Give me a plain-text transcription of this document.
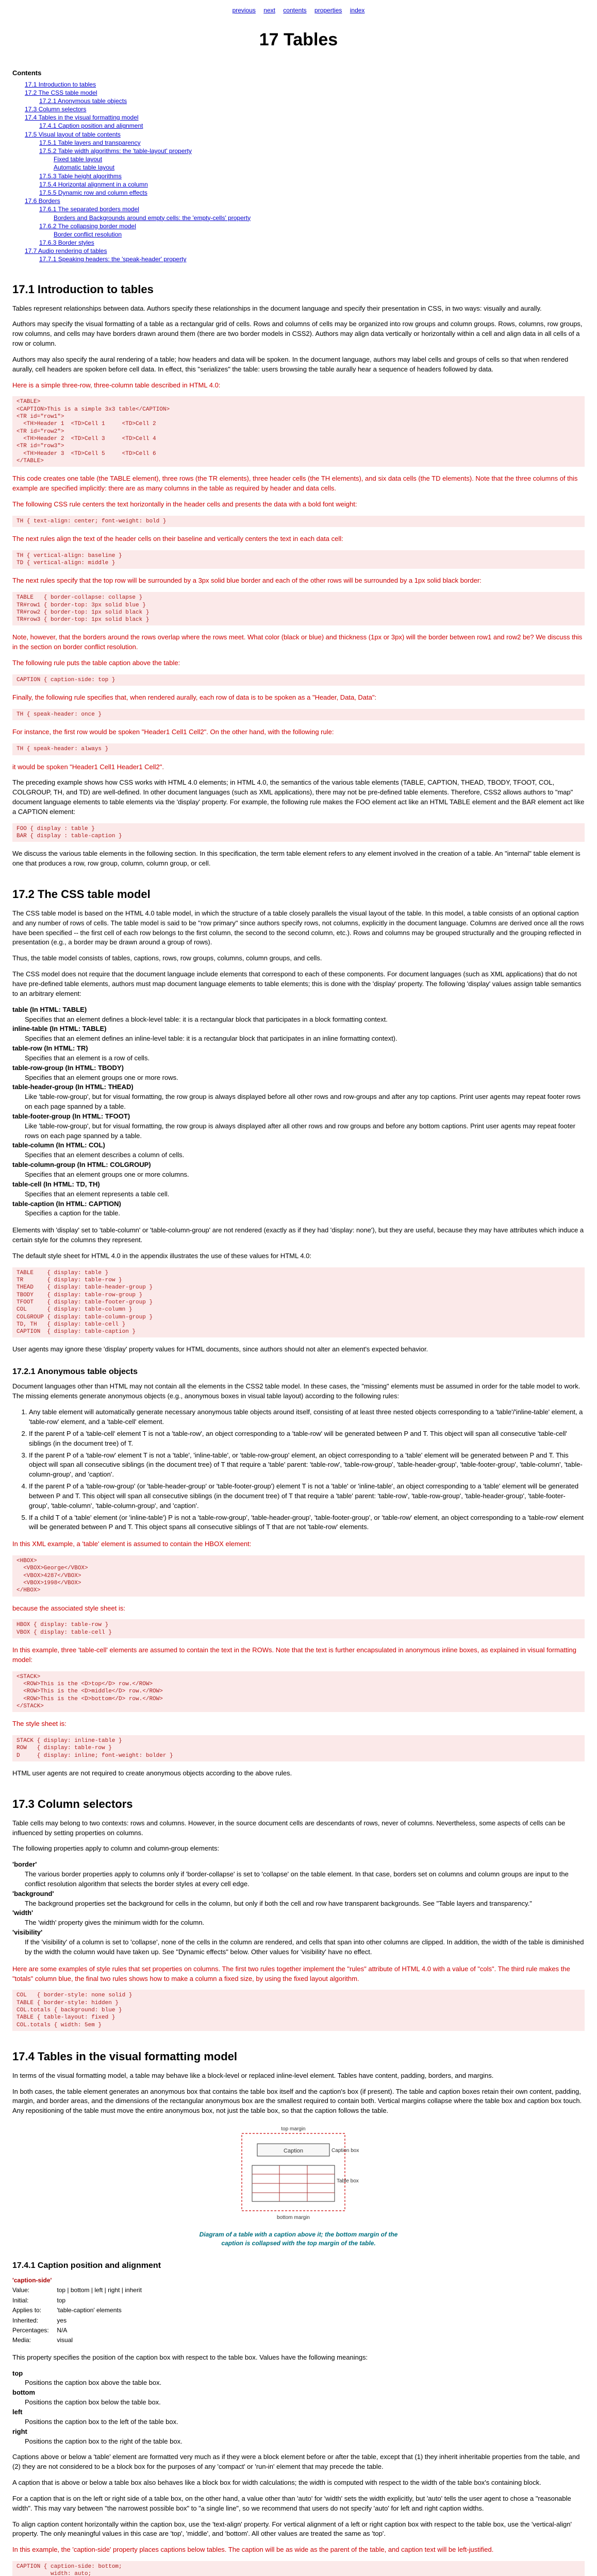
previous next contents properties index
17 Tables
Contents
17.1 Introduction to tables
17.2 The CSS table model
17.2.1 Anonymous table objects
17.3 Column selectors
17.4 Tables in the visual formatting model
17.4.1 Caption position and alignment
17.5 Visual layout of table contents
17.5.1 Table layers and transparency
17.5.2 Table width algorithms: the 'table-layout' property
Fixed table layout
Automatic table layout
17.5.3 Table height algorithms
17.5.4 Horizontal alignment in a column
17.5.5 Dynamic row and column effects
17.6 Borders
17.6.1 The separated borders model
Borders and Backgrounds around empty cells: the 'empty-cells' property
17.6.2 The collapsing border model
Border conflict resolution
17.6.3 Border styles
17.7 Audio rendering of tables
17.7.1 Speaking headers: the 'speak-header' property
17.1 Introduction to tables

Tables represent relationships between data. Authors specify these relationships in the document language and specify their presentation in CSS, in two ways: visually and aurally.

Authors may specify the visual formatting of a table as a rectangular grid of cells. Rows and columns of cells may be organized into row groups and column groups. Rows, columns, row groups, row columns, and cells may have borders drawn around them (there are two border models in CSS2). Authors may align data vertically or horizontally within a cell and align data in all cells of a row or column.

Authors may also specify the aural rendering of a table; how headers and data will be spoken. In the document language, authors may label cells and groups of cells so that when rendered aurally, cell headers are spoken before cell data. In effect, this "serializes" the table: users browsing the table aurally hear a sequence of headers followed by data.

Here is a simple three-row, three-column table described in HTML 4.0:

<TABLE>
<CAPTION>This is a simple 3x3 table</CAPTION>
<TR id="row1">
<TH>Header 1  <TD>Cell 1     <TD>Cell 2
<TR id="row2">
<TH>Header 2  <TD>Cell 3     <TD>Cell 4
<TR id="row3">
<TH>Header 3  <TD>Cell 5     <TD>Cell 6
</TABLE>

This code creates one table (the TABLE element), three rows (the TR elements), three header cells (the TH elements), and six data cells (the TD elements). Note that the three columns of this example are specified implicitly: there are as many columns in the table as required by header and data cells.

The following CSS rule centers the text horizontally in the header cells and presents the data with a bold font weight:

TH { text-align: center; font-weight: bold }

The next rules align the text of the header cells on their baseline and vertically centers the text in each data cell:

TH { vertical-align: baseline }
TD { vertical-align: middle }

The next rules specify that the top row will be surrounded by a 3px solid blue border and each of the other rows will be surrounded by a 1px solid black border:

TABLE   { border-collapse: collapse }
TR#row1 { border-top: 3px solid blue }
TR#row2 { border-top: 1px solid black }
TR#row3 { border-top: 1px solid black }

Note, however, that the borders around the rows overlap where the rows meet. What color (black or blue) and thickness (1px or 3px) will the border between row1 and row2 be? We discuss this in the section on border conflict resolution.

The following rule puts the table caption above the table:

CAPTION { caption-side: top }

Finally, the following rule specifies that, when rendered aurally, each row of data is to be spoken as a "Header, Data, Data":

TH { speak-header: once }

For instance, the first row would be spoken "Header1 Cell1 Cell2". On the other hand, with the following rule:

TH { speak-header: always }

it would be spoken "Header1 Cell1 Header1 Cell2".

The preceding example shows how CSS works with HTML 4.0 elements; in HTML 4.0, the semantics of the various table elements (TABLE, CAPTION, THEAD, TBODY, TFOOT, COL, COLGROUP, TH, and TD) are well-defined. In other document languages (such as XML applications), there may not be pre-defined table elements. Therefore, CSS2 allows authors to "map" document language elements to table elements via the 'display' property. For example, the following rule makes the FOO element act like an HTML TABLE element and the BAR element act like a CAPTION element:

FOO { display : table }
BAR { display : table-caption }

We discuss the various table elements in the following section. In this specification, the term table element refers to any element involved in the creation of a table. An "internal" table element is one that produces a row, row group, column, column group, or cell.

17.2 The CSS table model

The CSS table model is based on the HTML 4.0 table model, in which the structure of a table closely parallels the visual layout of the table. In this model, a table consists of an optional caption and any number of rows of cells. The table model is said to be "row primary" since authors specify rows, not columns, explicitly in the document language. Columns are derived once all the rows have been specified -- the first cell of each row belongs to the first column, the second to the second column, etc.). Rows and columns may be grouped structurally and the grouping reflected in presentation (e.g., a border may be drawn around a group of rows).

Thus, the table model consists of tables, captions, rows, row groups, columns, column groups, and cells.

The CSS model does not require that the document language include elements that correspond to each of these components. For document languages (such as XML applications) that do not have pre-defined table elements, authors must map document language elements to table elements; this is done with the 'display' property. The following 'display' values assign table semantics to an arbitrary element:

table (In HTML: TABLE)
Specifies that an element defines a block-level table: it is a rectangular block that participates in a block formatting context.
inline-table (In HTML: TABLE)
Specifies that an element defines an inline-level table: it is a rectangular block that participates in an inline formatting context).
table-row (In HTML: TR)
Specifies that an element is a row of cells.
table-row-group (In HTML: TBODY)
Specifies that an element groups one or more rows.
table-header-group (In HTML: THEAD)
Like 'table-row-group', but for visual formatting, the row group is always displayed before all other rows and row-groups and after any top captions. Print user agents may repeat footer rows on each page spanned by a table.
table-footer-group (In HTML: TFOOT)
Like 'table-row-group', but for visual formatting, the row group is always displayed after all other rows and row groups and before any bottom captions. Print user agents may repeat footer rows on each page spanned by a table.
table-column (In HTML: COL)
Specifies that an element describes a column of cells.
table-column-group (In HTML: COLGROUP)
Specifies that an element groups one or more columns.
table-cell (In HTML: TD, TH)
Specifies that an element represents a table cell.
table-caption (In HTML: CAPTION)
Specifies a caption for the table.

Elements with 'display' set to 'table-column' or 'table-column-group' are not rendered (exactly as if they had 'display: none'), but they are useful, because they may have attributes which induce a certain style for the columns they represent.

The default style sheet for HTML 4.0 in the appendix illustrates the use of these values for HTML 4.0:

TABLE    { display: table }
TR       { display: table-row }
THEAD    { display: table-header-group }
TBODY    { display: table-row-group }
TFOOT    { display: table-footer-group }
COL      { display: table-column }
COLGROUP { display: table-column-group }
TD, TH   { display: table-cell }
CAPTION  { display: table-caption }

User agents may ignore these 'display' property values for HTML documents, since authors should not alter an element's expected behavior.

17.2.1 Anonymous table objects

Document languages other than HTML may not contain all the elements in the CSS2 table model. In these cases, the "missing" elements must be assumed in order for the table model to work. The missing elements generate anonymous objects (e.g., anonymous boxes in visual table layout) according to the following rules:

1. Any table element will automatically generate necessary anonymous table objects around itself, consisting of at least three nested objects corresponding to a 'table'/'inline-table' element, a 'table-row' element, and a 'table-cell' element.
2. If the parent P of a 'table-cell' element T is not a 'table-row', an object corresponding to a 'table-row' will be generated between P and T. This object will span all consecutive 'table-cell' siblings (in the document tree) of T.
3. If the parent P of a 'table-row' element T is not a 'table', 'inline-table', or 'table-row-group' element, an object corresponding to a 'table' element will be generated between P and T. This object will span all consecutive siblings (in the document tree) of T that require a 'table' parent: 'table-row', 'table-row-group', 'table-header-group', 'table-footer-group', 'table-column', 'table-column-group', and 'caption'.
4. If the parent P of a 'table-row-group' (or 'table-header-group' or 'table-footer-group') element T is not a 'table' or 'inline-table', an object corresponding to a 'table' element will be generated between P and T. This object will span all consecutive siblings (in the document tree) of T that require a 'table' parent: 'table-row', 'table-row-group', 'table-header-group', 'table-footer-group', 'table-column', 'table-column-group', and 'caption'.
5. If a child T of a 'table' element (or 'inline-table') P is not a 'table-row-group', 'table-header-group', 'table-footer-group', or 'table-row' element, an object corresponding to a 'table-row' element will be generated between P and T. This object spans all consecutive siblings of T that are not 'table-row' elements.

In this XML example, a 'table' element is assumed to contain the HBOX element:

<HBOX>
<VBOX>George</VBOX>
<VBOX>4287</VBOX>
<VBOX>1998</VBOX>
</HBOX>

because the associated style sheet is:

HBOX { display: table-row }
VBOX { display: table-cell }

In this example, three 'table-cell' elements are assumed to contain the text in the ROWs. Note that the text is further encapsulated in anonymous inline boxes, as explained in visual formatting model:

<STACK>
<ROW>This is the <D>top</D> row.</ROW>
<ROW>This is the <D>middle</D> row.</ROW>
<ROW>This is the <D>bottom</D> row.</ROW>
</STACK>

The style sheet is:

STACK { display: inline-table }
ROW   { display: table-row }
D     { display: inline; font-weight: bolder }

HTML user agents are not required to create anonymous objects according to the above rules.

17.3 Column selectors

Table cells may belong to two contexts: rows and columns. However, in the source document cells are descendants of rows, never of columns. Nevertheless, some aspects of cells can be influenced by setting properties on columns.

The following properties apply to column and column-group elements:

'border'
The various border properties apply to columns only if 'border-collapse' is set to 'collapse' on the table element. In that case, borders set on columns and column groups are input to the conflict resolution algorithm that selects the border styles at every cell edge.
'background'
The background properties set the background for cells in the column, but only if both the cell and row have transparent backgrounds. See "Table layers and transparency."
'width'
The 'width' property gives the minimum width for the column.
'visibility'
If the 'visibility' of a column is set to 'collapse', none of the cells in the column are rendered, and cells that span into other columns are clipped. In addition, the width of the table is diminished by the width the column would have taken up. See "Dynamic effects" below. Other values for 'visibility' have no effect.

Here are some examples of style rules that set properties on columns. The first two rules together implement the "rules" attribute of HTML 4.0 with a value of "cols". The third rule makes the "totals" column blue, the final two rules shows how to make a column a fixed size, by using the fixed layout algorithm.

COL   { border-style: none solid }
TABLE { border-style: hidden }
COL.totals { background: blue }
TABLE { table-layout: fixed }
COL.totals { width: 5em }
17.4 Tables in the visual formatting model

In terms of the visual formatting model, a table may behave like a block-level or replaced inline-level element. Tables have content, padding, borders, and margins.

In both cases, the table element generates an anonymous box that contains the table box itself and the caption's box (if present). The table and caption boxes retain their own content, padding, margin, and border areas, and the dimensions of the rectangular anonymous box are the smallest required to contain both. Vertical margins collapse where the table box and caption box touch. Any repositioning of the table must move the entire anonymous box, not just the table box, so that the caption follows the table.

Caption
top margin
Table box
Caption box
bottom margin
Diagram of a table with a caption above it; the bottom margin of the caption is collapsed with the top margin of the table.
17.4.1 Caption position and alignment
'caption-side'	
Value:	top | bottom | left | right | inherit
Initial:	top
Applies to:	'table-caption' elements
Inherited:	yes
Percentages:	N/A
Media:	visual

This property specifies the position of the caption box with respect to the table box. Values have the following meanings:

top
Positions the caption box above the table box.
bottom
Positions the caption box below the table box.
left
Positions the caption box to the left of the table box.
right
Positions the caption box to the right of the table box.

Captions above or below a 'table' element are formatted very much as if they were a block element before or after the table, except that (1) they inherit inheritable properties from the table, and (2) they are not considered to be a block box for the purposes of any 'compact' or 'run-in' element that may precede the table.

A caption that is above or below a table box also behaves like a block box for width calculations; the width is computed with respect to the width of the table box's containing block.

For a caption that is on the left or right side of a table box, on the other hand, a value other than 'auto' for 'width' sets the width explicitly, but 'auto' tells the user agent to chose a "reasonable width". This may vary between "the narrowest possible box" to "a single line", so we recommend that users do not specify 'auto' for left and right caption widths.

To align caption content horizontally within the caption box, use the 'text-align' property. For vertical alignment of a left or right caption box with respect to the table box, use the 'vertical-align' property. The only meaningful values in this case are 'top', 'middle', and 'bottom'. All other values are treated the same as 'top'.

In this example, the 'caption-side' property places captions below tables. The caption will be as wide as the parent of the table, and caption text will be left-justified.

CAPTION { caption-side: bottom;
width: auto;
